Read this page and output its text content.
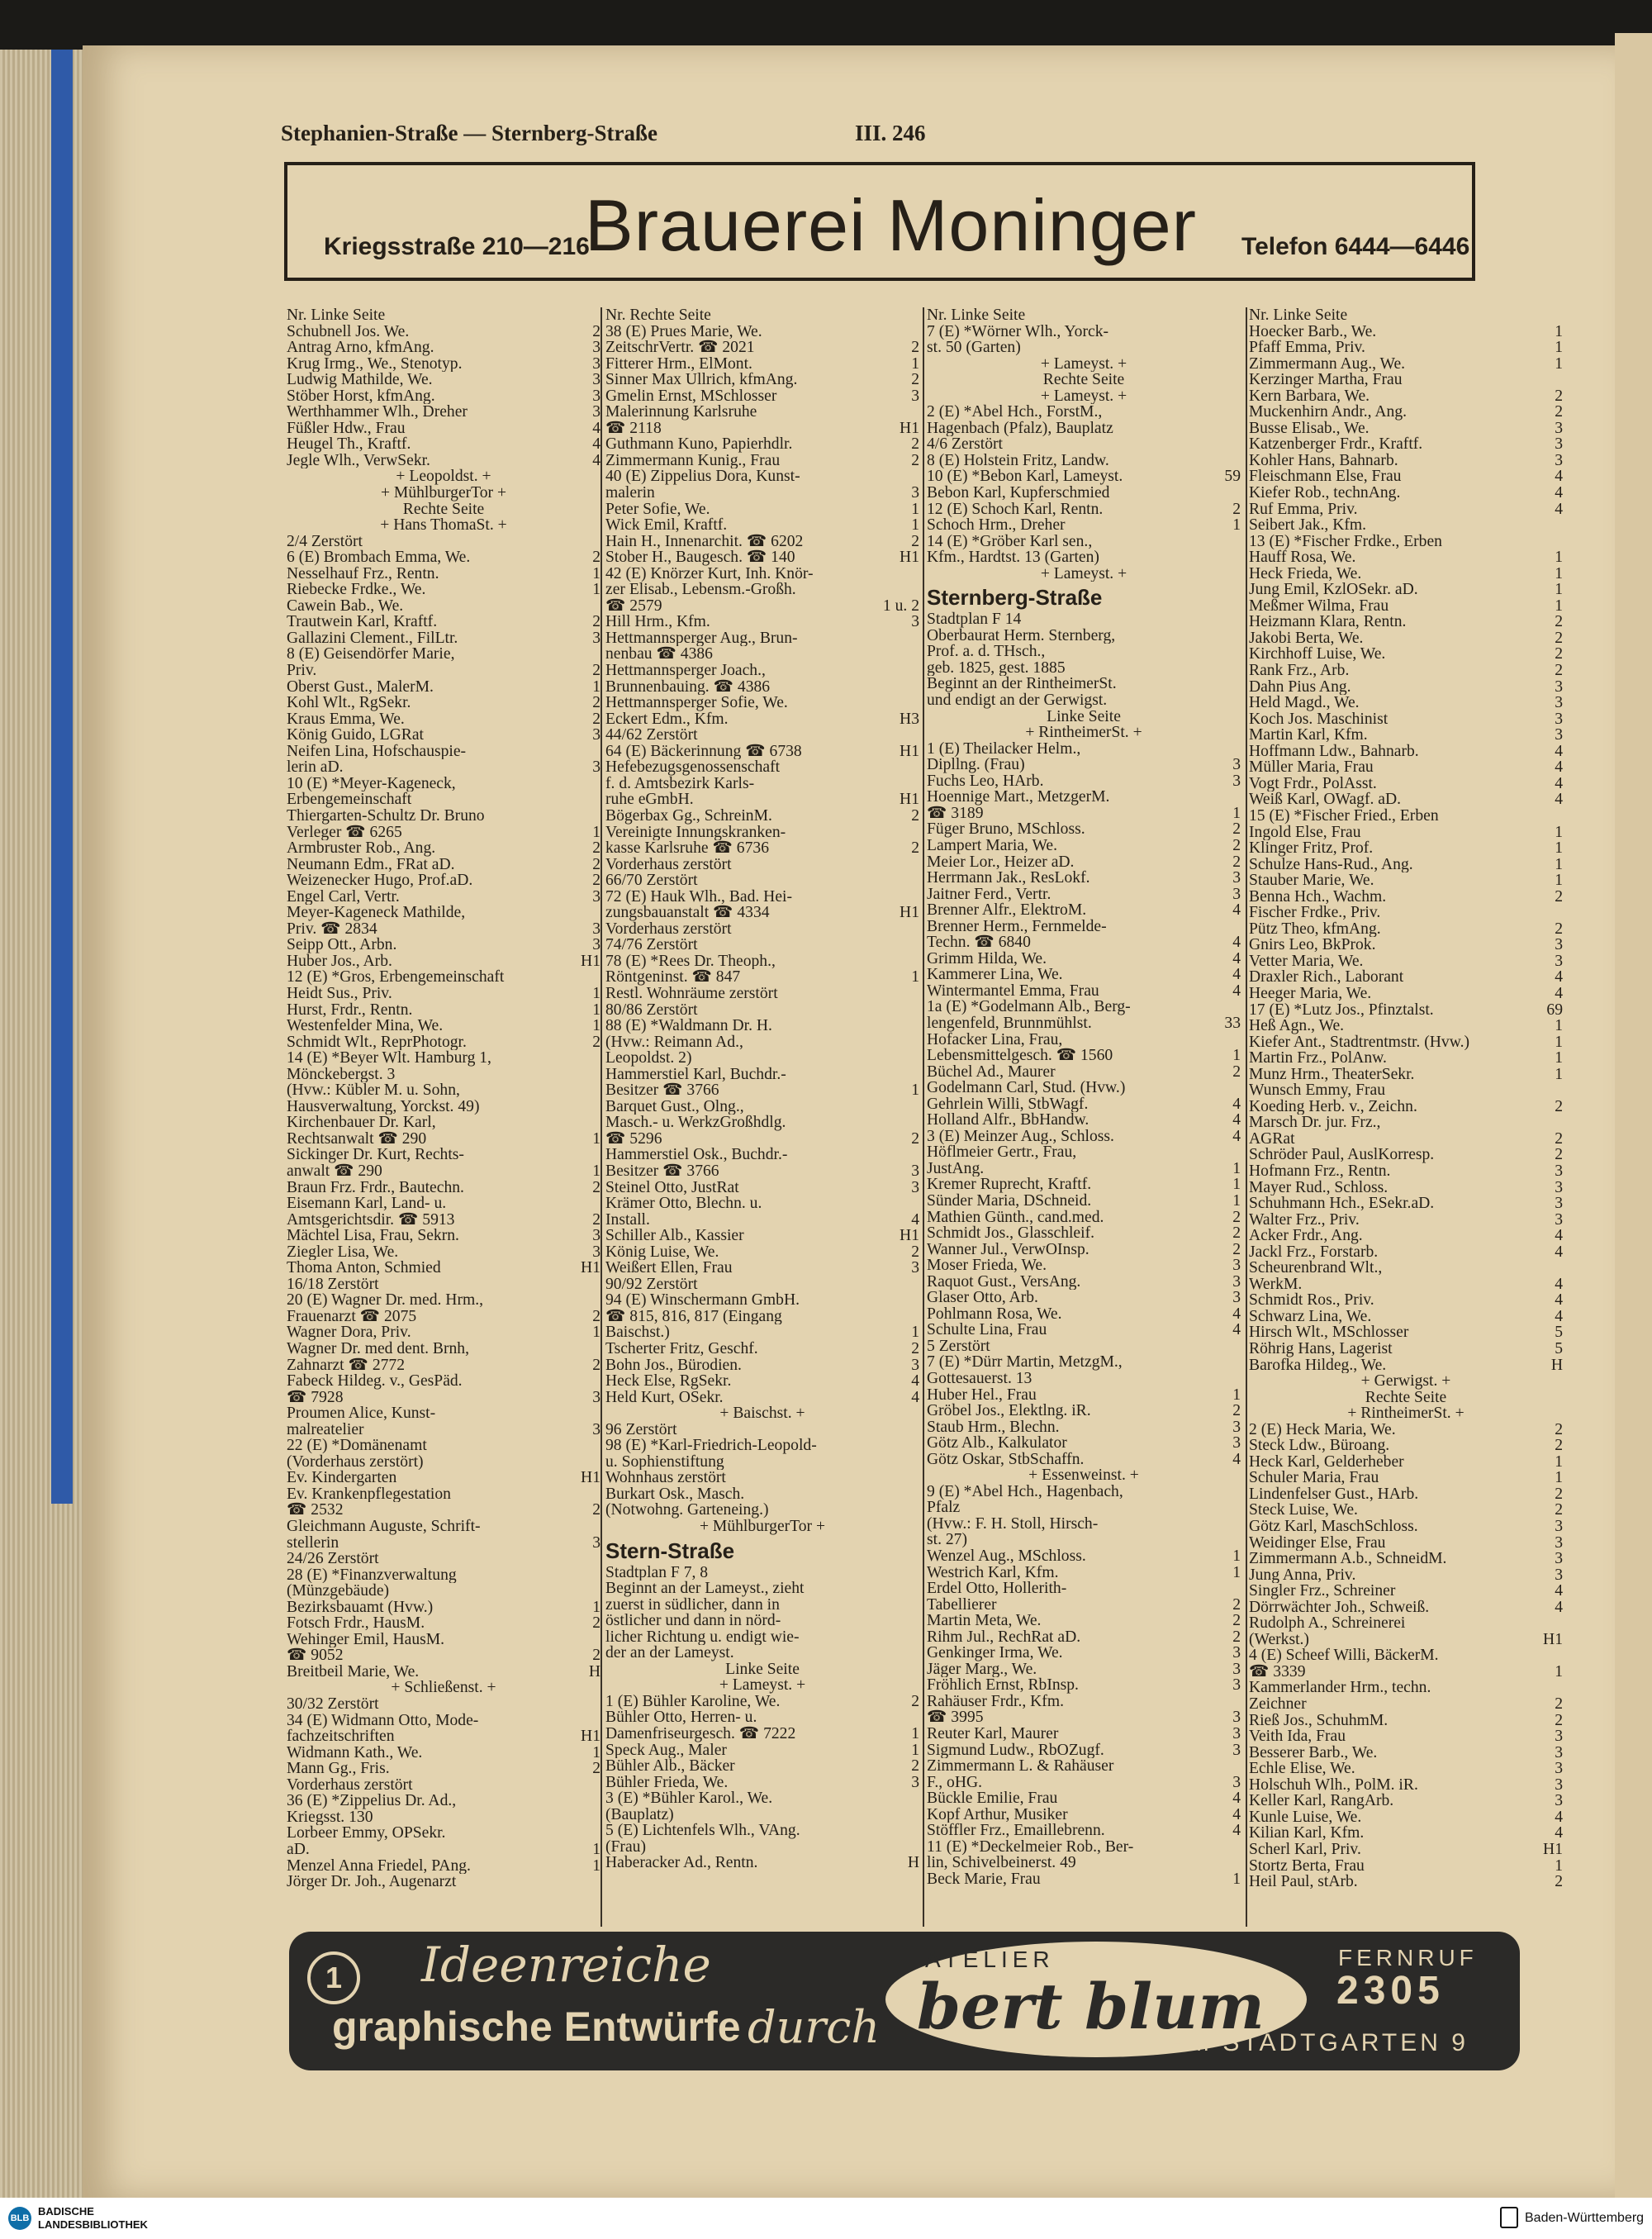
Stephanien-Straße — Sternberg-Straße	III. 246
Kriegsstraße 210—216
Brauerei Moninger Telefon 6444—6446
Nr. Linke Seite
Schubnell Jos. We.	2
Antrag Arno, kfmAng.	3
Krug Irmg., We., Stenotyp.	3
Ludwig Mathilde, We.	3
Stöber Horst, kfmAng.	3
Werthhammer Wlh., Dreher	3
Füßler Hdw., Frau	4
Heugel Th., Kraftf.	4
Jegle Wlh., VerwSekr.	4
+ Leopoldst. +
+ MühlburgerTor +
Rechte Seite
+ Hans ThomaSt. +
2/4 Zerstört
6 (E) Brombach Emma, We.	2
Nesselhauf Frz., Rentn.	1
Riebecke Frdke., We.	1
Cawein Bab., We.
Trautwein Karl, Kraftf.	2
Gallazini Clement., FilLtr.	3
8 (E) Geisendörfer Marie,
Priv.	2
Oberst Gust., MalerM.	1
Kohl Wlt., RgSekr.	2
Kraus Emma, We.	2
König Guido, LGRat	3
Neifen Lina, Hofschauspie-
lerin aD.	3
10 (E) *Meyer-Kageneck,
Erbengemeinschaft
Thiergarten-Schultz Dr. Bruno
Verleger ☎ 6265	1
Armbruster Rob., Ang.	2
Neumann Edm., FRat aD.	2
Weizenecker Hugo, Prof.aD.	2
Engel Carl, Vertr.	3
Meyer-Kageneck Mathilde,
Priv. ☎ 2834	3
Seipp Ott., Arbn.	3
Huber Jos., Arb.	H1
12 (E) *Gros, Erbengemeinschaft
Heidt Sus., Priv.	1
Hurst, Frdr., Rentn.	1
Westenfelder Mina, We.	1
Schmidt Wlt., ReprPhotogr.	2
14 (E) *Beyer Wlt. Hamburg 1,
Mönckebergst. 3
(Hvw.: Kübler M. u. Sohn,
Hausverwaltung, Yorckst. 49)
Kirchenbauer Dr. Karl,
Rechtsanwalt ☎ 290	1
Sickinger Dr. Kurt, Rechts-
anwalt ☎ 290	1
Braun Frz. Frdr., Bautechn.	2
Eisemann Karl, Land- u.
Amtsgerichtsdir. ☎ 5913	2
Mächtel Lisa, Frau, Sekrn.	3
Ziegler Lisa, We.	3
Thoma Anton, Schmied	H1
16/18 Zerstört
20 (E) Wagner Dr. med. Hrm.,
Frauenarzt ☎ 2075	2
Wagner Dora, Priv.	1
Wagner Dr. med dent. Brnh,
Zahnarzt ☎ 2772	2
Fabeck Hildeg. v., GesPäd.
☎ 7928	3
Proumen Alice, Kunst-
malreatelier	3
22 (E) *Domänenamt
(Vorderhaus zerstört)
Ev. Kindergarten	H1
Ev. Krankenpflegestation
☎ 2532	2
Gleichmann Auguste, Schrift-
stellerin	3
24/26 Zerstört
28 (E) *Finanzverwaltung
(Münzgebäude)
Bezirksbauamt (Hvw.)	1
Fotsch Frdr., HausM.	2
Wehinger Emil, HausM.
☎ 9052	2
Breitbeil Marie, We.	H
+ Schließenst. +
30/32 Zerstört
34 (E) Widmann Otto, Mode-
fachzeitschriften	H1
Widmann Kath., We.	1
Mann Gg., Fris.	2
Vorderhaus zerstört
36 (E) *Zippelius Dr. Ad.,
Kriegsst. 130
Lorbeer Emmy, OPSekr.
aD.	1
Menzel Anna Friedel, PAng.	1
Jörger Dr. Joh., Augenarzt
Nr. Rechte Seite
38 (E) Prues Marie, We.
ZeitschrVertr. ☎ 2021	2
Fitterer Hrm., ElMont.	1
Sinner Max Ullrich, kfmAng.	2
Gmelin Ernst, MSchlosser	3
Malerinnung Karlsruhe
☎ 2118	H1
Guthmann Kuno, Papierhdlr.	2
Zimmermann Kunig., Frau	2
40 (E) Zippelius Dora, Kunst-
malerin	3
Peter Sofie, We.	1
Wick Emil, Kraftf.	1
Hain H., Innenarchit. ☎ 6202	2
Stober H., Baugesch. ☎ 140	H1
42 (E) Knörzer Kurt, Inh. Knör-
zer Elisab., Lebensm.-Großh.
☎ 2579	1 u. 2
Hill Hrm., Kfm.	3
Hettmannsperger Aug., Brun-
nenbau ☎ 4386
Hettmannsperger Joach.,
Brunnenbauing. ☎ 4386
Hettmannsperger Sofie, We.
Eckert Edm., Kfm.	H3
44/62 Zerstört
64 (E) Bäckerinnung ☎ 6738	H1
Hefebezugsgenossenschaft
f. d. Amtsbezirk Karls-
ruhe eGmbH.	H1
Bögerbax Gg., SchreinM.	2
Vereinigte Innungskranken-
kasse Karlsruhe ☎ 6736	2
Vorderhaus zerstört
66/70 Zerstört
72 (E) Hauk Wlh., Bad. Hei-
zungsbauanstalt ☎ 4334	H1
Vorderhaus zerstört
74/76 Zerstört
78 (E) *Rees Dr. Theoph.,
Röntgeninst. ☎ 847	1
Restl. Wohnräume zerstört
80/86 Zerstört
88 (E) *Waldmann Dr. H.
(Hvw.: Reimann Ad.,
Leopoldst. 2)
Hammerstiel Karl, Buchdr.-
Besitzer ☎ 3766	1
Barquet Gust., Olng.,
Masch.- u. WerkzGroßhdlg.
☎ 5296	2
Hammerstiel Osk., Buchdr.-
Besitzer ☎ 3766	3
Steinel Otto, JustRat	3
Krämer Otto, Blechn. u.
Install.	4
Schiller Alb., Kassier	H1
König Luise, We.	2
Weißert Ellen, Frau	3
90/92 Zerstört
94 (E) Winschermann GmbH.
☎ 815, 816, 817 (Eingang
Baischst.)	1
Tscherter Fritz, Geschf.	2
Bohn Jos., Bürodien.	3
Heck Else, RgSekr.	4
Held Kurt, OSekr.	4
+ Baischst. +
96 Zerstört
98 (E) *Karl-Friedrich-Leopold-
u. Sophienstiftung
Wohnhaus zerstört
Burkart Osk., Masch.
(Notwohng. Garteneing.)
+ MühlburgerTor +
Stern-Straße
Stadtplan F 7, 8
Beginnt an der Lameyst., zieht
zuerst in südlicher, dann in
östlicher und dann in nörd-
licher Richtung u. endigt wie-
der an der Lameyst.
Linke Seite
+ Lameyst. +
1 (E) Bühler Karoline, We.	2
Bühler Otto, Herren- u.
Damenfriseurgesch. ☎ 7222	1
Speck Aug., Maler	1
Bühler Alb., Bäcker	2
Bühler Frieda, We.	3
3 (E) *Bühler Karol., We.
(Bauplatz)
5 (E) Lichtenfels Wlh., VAng.
(Frau)
Haberacker Ad., Rentn.	H
Nr. Linke Seite
7 (E) *Wörner Wlh., Yorck-
st. 50 (Garten)
+ Lameyst. +
Rechte Seite
+ Lameyst. +
2 (E) *Abel Hch., ForstM.,
Hagenbach (Pfalz), Bauplatz
4/6 Zerstört
8 (E) Holstein Fritz, Landw.
10 (E) *Bebon Karl, Lameyst.	59
Bebon Karl, Kupferschmied
12 (E) Schoch Karl, Rentn.	2
Schoch Hrm., Dreher	1
14 (E) *Gröber Karl sen.,
Kfm., Hardtst. 13 (Garten)
+ Lameyst. +
Sternberg-Straße
Stadtplan F 14
Oberbaurat Herm. Sternberg,
Prof. a. d. THsch.,
geb. 1825, gest. 1885
Beginnt an der RintheimerSt.
und endigt an der Gerwigst.
Linke Seite
+ RintheimerSt. +
1 (E) Theilacker Helm.,
Dipllng. (Frau)	3
Fuchs Leo, HArb.	3
Hoennige Mart., MetzgerM.
☎ 3189	1
Füger Bruno, MSchloss.	2
Lampert Maria, We.	2
Meier Lor., Heizer aD.	2
Herrmann Jak., ResLokf.	3
Jaitner Ferd., Vertr.	3
Brenner Alfr., ElektroM.	4
Brenner Herm., Fernmelde-
Techn. ☎ 6840	4
Grimm Hilda, We.	4
Kammerer Lina, We.	4
Wintermantel Emma, Frau	4
1a (E) *Godelmann Alb., Berg-
lengenfeld, Brunnmühlst.	33
Hofacker Lina, Frau,
Lebensmittelgesch. ☎ 1560	1
Büchel Ad., Maurer	2
Godelmann Carl, Stud. (Hvw.)
Gehrlein Willi, StbWagf.	4
Holland Alfr., BbHandw.	4
3 (E) Meinzer Aug., Schloss.	4
Höflmeier Gertr., Frau,
JustAng.	1
Kremer Ruprecht, Kraftf.	1
Sünder Maria, DSchneid.	1
Mathien Günth., cand.med.	2
Schmidt Jos., Glasschleif.	2
Wanner Jul., VerwOInsp.	2
Moser Frieda, We.	3
Raquot Gust., VersAng.	3
Glaser Otto, Arb.	3
Pohlmann Rosa, We.	4
Schulte Lina, Frau	4
5 Zerstört
7 (E) *Dürr Martin, MetzgM.,
Gottesauerst. 13
Huber Hel., Frau	1
Gröbel Jos., Elektlng. iR.	2
Staub Hrm., Blechn.	3
Götz Alb., Kalkulator	3
Götz Oskar, StbSchaffn.	4
+ Essenweinst. +
9 (E) *Abel Hch., Hagenbach,
Pfalz
(Hvw.: F. H. Stoll, Hirsch-
st. 27)
Wenzel Aug., MSchloss.	1
Westrich Karl, Kfm.	1
Erdel Otto, Hollerith-
Tabellierer	2
Martin Meta, We.	2
Rihm Jul., RechRat aD.	2
Genkinger Irma, We.	3
Jäger Marg., We.	3
Fröhlich Ernst, RbInsp.	3
Rahäuser Frdr., Kfm.
☎ 3995	3
Reuter Karl, Maurer	3
Sigmund Ludw., RbOZugf.	3
Zimmermann L. & Rahäuser
F., oHG.	3
Bückle Emilie, Frau	4
Kopf Arthur, Musiker	4
Stöffler Frz., Emaillebrenn.	4
11 (E) *Deckelmeier Rob., Ber-
lin, Schivelbeinerst. 49
Beck Marie, Frau	1
Nr. Linke Seite
Hoecker Barb., We.	1
Pfaff Emma, Priv.	1
Zimmermann Aug., We.	1
Kerzinger Martha, Frau
Kern Barbara, We.	2
Muckenhirn Andr., Ang.	2
Busse Elisab., We.	3
Katzenberger Frdr., Kraftf.	3
Kohler Hans, Bahnarb.	3
Fleischmann Else, Frau	4
Kiefer Rob., technAng.	4
Ruf Emma, Priv.	4
Seibert Jak., Kfm.
13 (E) *Fischer Frdke., Erben
Hauff Rosa, We.	1
Heck Frieda, We.	1
Jung Emil, KzlOSekr. aD.	1
Meßmer Wilma, Frau	1
Heizmann Klara, Rentn.	2
Jakobi Berta, We.	2
Kirchhoff Luise, We.	2
Rank Frz., Arb.	2
Dahn Pius Ang.	3
Held Magd., We.	3
Koch Jos. Maschinist	3
Martin Karl, Kfm.	3
Hoffmann Ldw., Bahnarb.	4
Müller Maria, Frau	4
Vogt Frdr., PolAsst.	4
Weiß Karl, OWagf. aD.	4
15 (E) *Fischer Fried., Erben
Ingold Else, Frau	1
Klinger Fritz, Prof.	1
Schulze Hans-Rud., Ang.	1
Stauber Marie, We.	1
Benna Hch., Wachm.	2
Fischer Frdke., Priv.
Pütz Theo, kfmAng.	2
Gnirs Leo, BkProk.	3
Vetter Maria, We.	3
Draxler Rich., Laborant	4
Heeger Maria, We.	4
17 (E) *Lutz Jos., Pfinztalst.	69
Heß Agn., We.	1
Kiefer Ant., Stadtrentmstr. (Hvw.)	1
Martin Frz., PolAnw.	1
Munz Hrm., TheaterSekr.	1
Wunsch Emmy, Frau
Koeding Herb. v., Zeichn.	2
Marsch Dr. jur. Frz.,
AGRat	2
Schröder Paul, AuslKorresp.	2
Hofmann Frz., Rentn.	3
Mayer Rud., Schloss.	3
Schuhmann Hch., ESekr.aD.	3
Walter Frz., Priv.	3
Acker Frdr., Ang.	4
Jackl Frz., Forstarb.	4
Scheurenbrand Wlt.,
WerkM.	4
Schmidt Ros., Priv.	4
Schwarz Lina, We.	4
Hirsch Wlt., MSchlosser	5
Röhrig Hans, Lagerist	5
Barofka Hildeg., We.	H
+ Gerwigst. +
Rechte Seite
+ RintheimerSt. +
2 (E) Heck Maria, We.	2
Steck Ldw., Büroang.	2
Heck Karl, Gelderheber	1
Schuler Maria, Frau	1
Lindenfelser Gust., HArb.	2
Steck Luise, We.	2
Götz Karl, MaschSchloss.	3
Weidinger Else, Frau	3
Zimmermann A.b., SchneidM.	3
Jung Anna, Priv.	3
Singler Frz., Schreiner	4
Dörrwächter Joh., Schweiß.	4
Rudolph A., Schreinerei
(Werkst.)	H1
4 (E) Scheef Willi, BäckerM.
☎ 3339	1
Kammerlander Hrm., techn.
Zeichner	2
Rieß Jos., SchuhmM.	2
Veith Ida, Frau	3
Besserer Barb., We.	3
Echle Elise, We.	3
Holschuh Wlh., PolM. iR.	3
Keller Karl, RangArb.	3
Kunle Luise, We.	4
Kilian Karl, Kfm.	4
Scherl Karl, Priv.	H1
Stortz Berta, Frau	1
Heil Paul, stArb.	2
1	Ideenreiche
graphische Entwürfe durch
ATELIER
bert blum
FERNRUF
2305
AM STADTGARTEN 9
BLB
BADISCHE
LANDESBIBLIOTHEK	Baden-Württemberg
